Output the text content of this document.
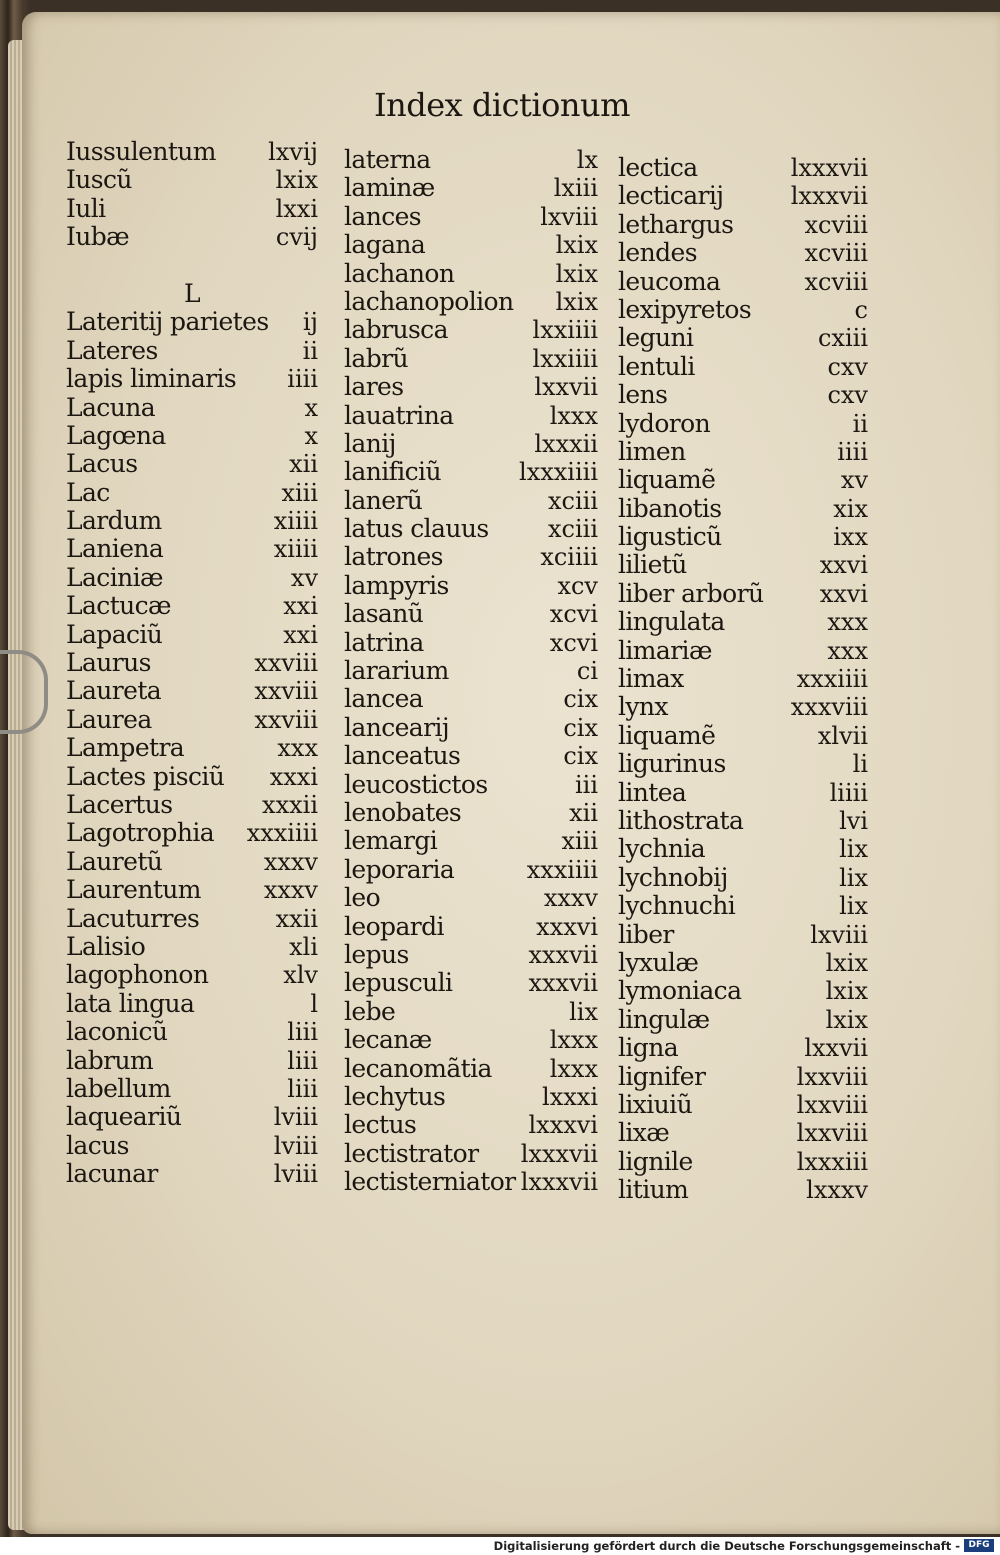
Index dictionum
Iussulentum lxvij
Iuscũ	lxix
Iuli	lxxi
Iubæ	cvij
L
Lateritij parietes ij
Lateres	ii
lapis liminaris iiii
Lacuna	x
Lagœna	x
Lacus	xii
Lac	xiii
Lardum	xiiii
Laniena	xiiii
Laciniæ	xv
Lactucæ	xxi
Lapaciũ	xxi
Laurus	xxviii
Laureta	xxviii
Laurea	xxviii
Lampetra	xxx
Lactes pisciũ xxxi
Lacertus	xxxii
Lagotrophia xxxiiii
Lauretũ	xxxv
Laurentum	xxxv
Lacuturres	xxii
Lalisio	xli
lagophonon	xlv
lata lingua	l
laconicũ	liii
labrum	liii
labellum	liii
laqueariũ	lviii
lacus	lviii
lacunar	lviii
laterna	lx
laminæ	lxiii
lances	lxviii
lagana	lxix
lachanon	lxix
lachanopolion lxix
labrusca	lxxiiii
labrũ	lxxiiii
lares	lxxvii
lauatrina	lxxx
lanij	lxxxii
lanificiũ	lxxxiiii
lanerũ	xciii
latus clauus xciii
latrones	xciiii
lampyris	xcv
lasanũ	xcvi
latrina	xcvi
lararium	ci
lancea	cix
lancearij	cix
lanceatus	cix
leucostictos	iii
lenobates	xii
lemargi	xiii
leporaria	xxxiiii
leo	xxxv
leopardi	xxxvi
lepus	xxxvii
lepusculi	xxxvii
lebe	lix
lecanæ	lxxx
lecanomãtia lxxx
lechytus	lxxxi
lectus	lxxxvi
lectistrator lxxxvii
lectisterniator lxxxvii
lectica	lxxxvii
lecticarij	lxxxvii
lethargus	xcviii
lendes	xcviii
leucoma	xcviii
lexipyretos	c
leguni	cxiii
lentuli	cxv
lens	cxv
lydoron	ii
limen	iiii
liquamẽ	xv
libanotis	xix
ligusticũ	ixx
lilietũ	xxvi
liber arborũ xxvi
lingulata	xxx
limariæ	xxx
limax	xxxiiii
lynx	xxxviii
liquamẽ	xlvii
ligurinus	li
lintea	liiii
lithostrata	lvi
lychnia	lix
lychnobij	lix
lychnuchi	lix
liber	lxviii
lyxulæ	lxix
lymoniaca	lxix
lingulæ	lxix
ligna	lxxvii
lignifer	lxxviii
lixiuiũ	lxxviii
lixæ	lxxviii
lignile	lxxxiii
litium	lxxxv
Digitalisierung gefördert durch die Deutsche Forschungsgemeinschaft - DFG
